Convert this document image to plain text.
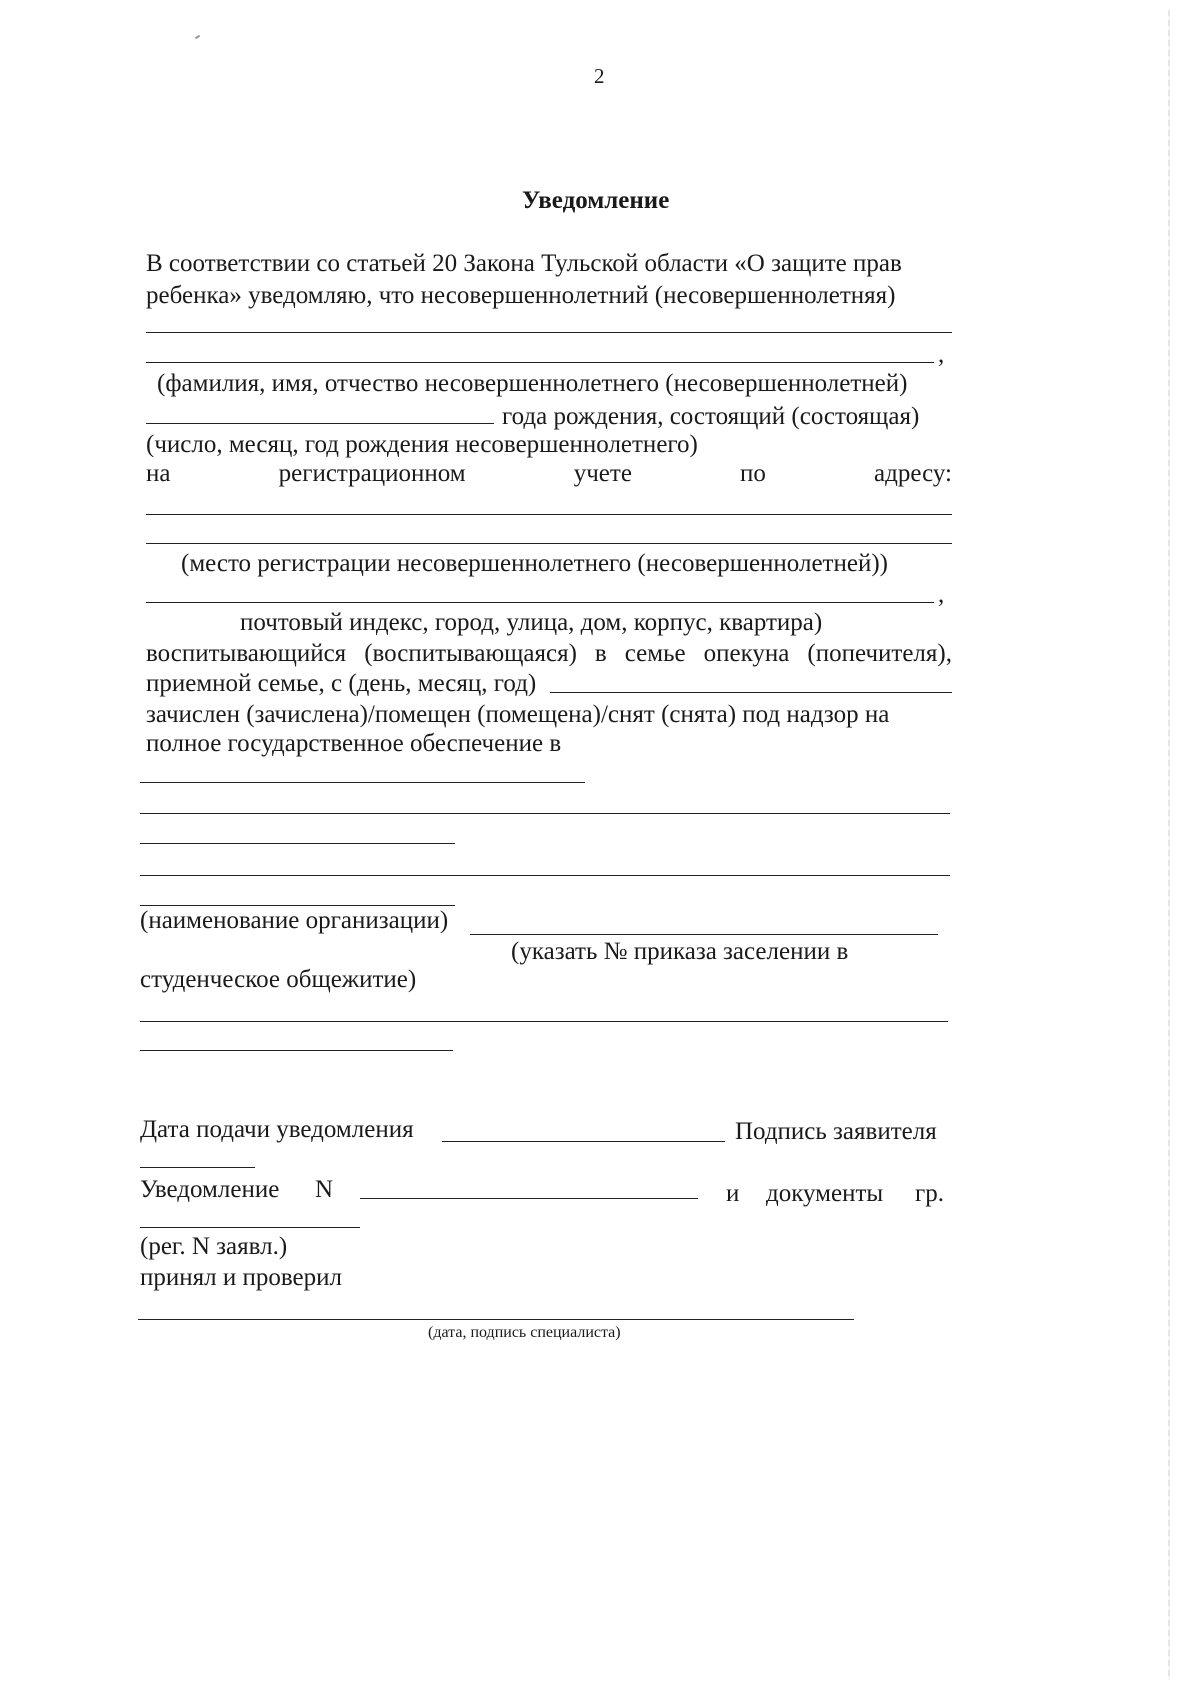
2
Уведомление
В соответствии со статьей 20 Закона Тульской области «О защите прав
ребенка» уведомляю, что несовершеннолетний (несовершеннолетняя)
,
(фамилия, имя, отчество несовершеннолетнего (несовершеннолетней)
года рождения, состоящий (состоящая)
(число, месяц, год рождения несовершеннолетнего)
на	регистрационном	учете	по	адресу:
(место регистрации несовершеннолетнего (несовершеннолетней))
,
почтовый индекс, город, улица, дом, корпус, квартира)
воспитывающийся (воспитывающаяся) в семье опекуна (попечителя),
приемной семье, с (день, месяц, год)
зачислен (зачислена)/помещен (помещена)/снят (снята) под надзор на
полное государственное обеспечение в
(наименование организации)
(указать № приказа заселении в
студенческое общежитие)
Дата подачи уведомления	Подпись заявителя
Уведомление N	и документы гр.
(рег. N заявл.)
принял и проверил
(дата, подпись специалиста)
